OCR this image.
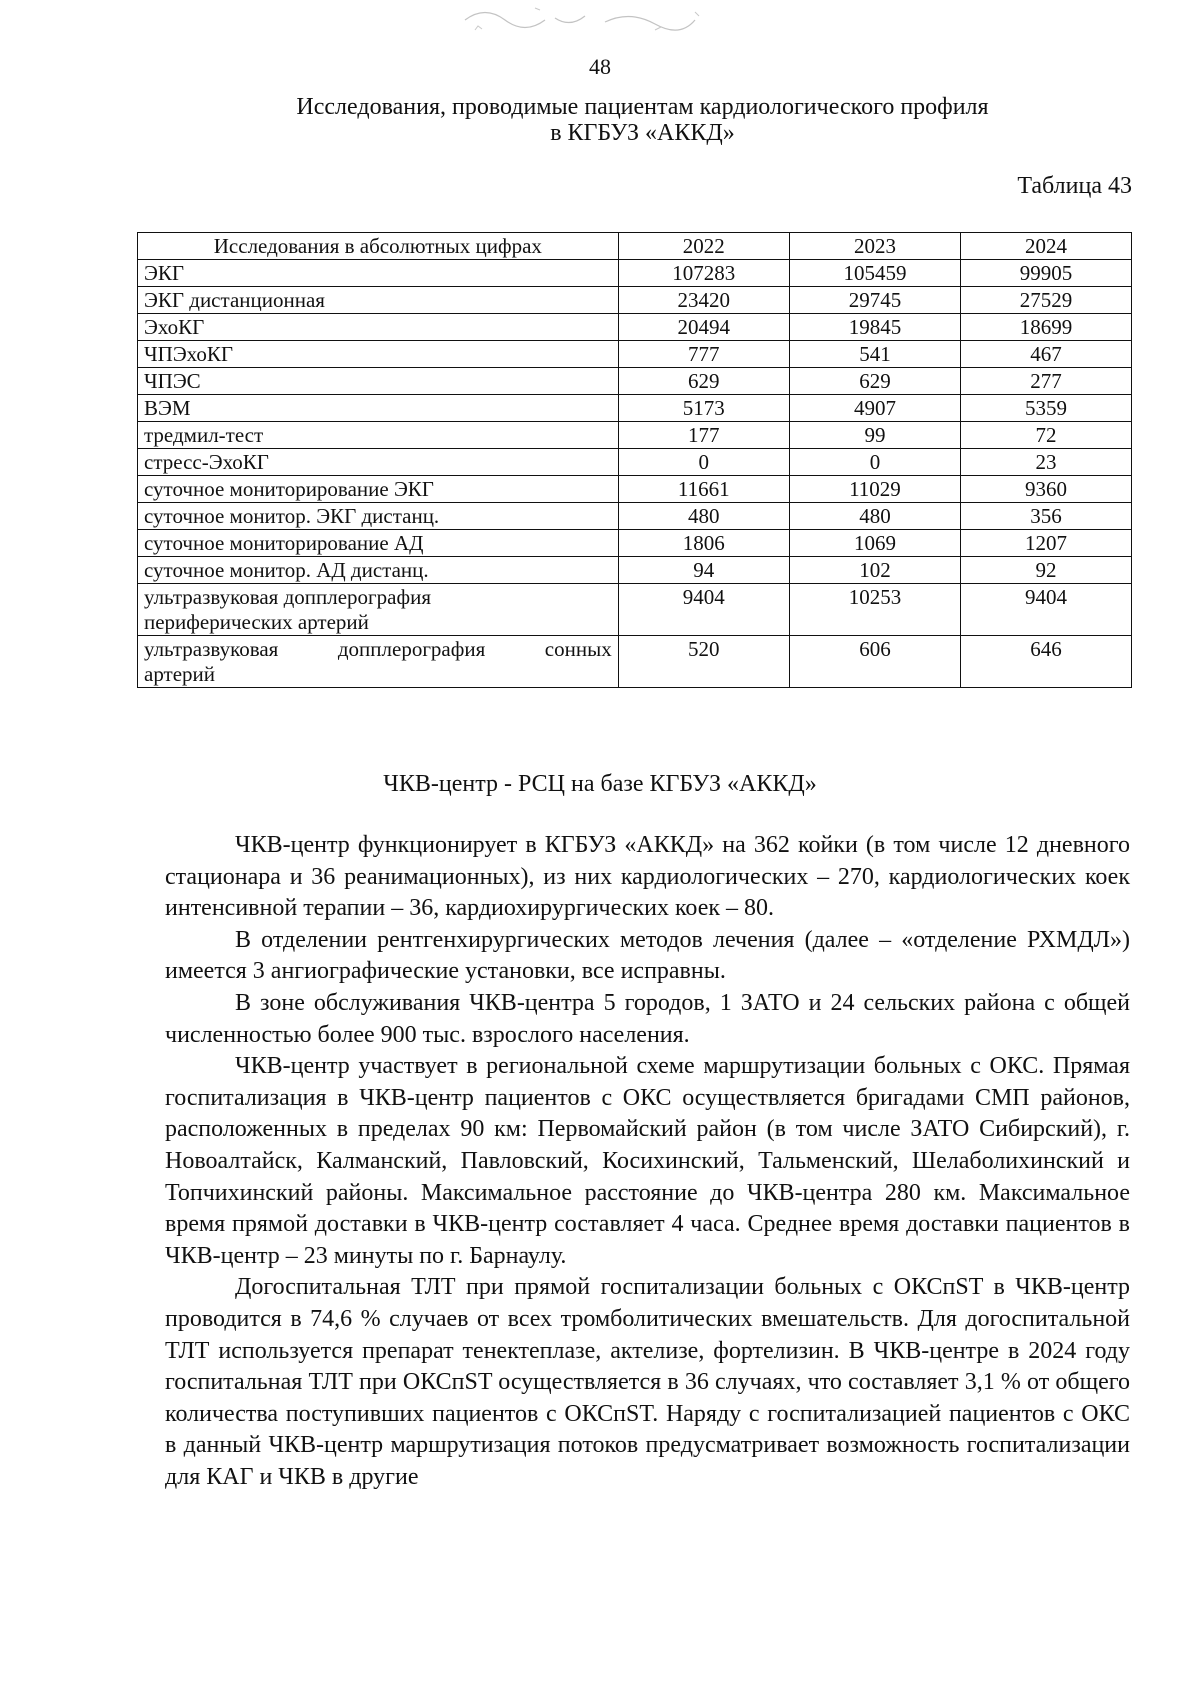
48
Исследования, проводимые пациентам кардиологического профиля
в КГБУЗ «АККД»
Таблица 43
Исследования в абсолютных цифрах	2022	2023	2024
ЭКГ	107283	105459	99905
ЭКГ дистанционная	23420	29745	27529
ЭхоКГ	20494	19845	18699
ЧПЭхоКГ	777	541	467
ЧПЭС	629	629	277
ВЭМ	5173	4907	5359
тредмил-тест	177	99	72
стресс-ЭхоКГ	0	0	23
суточное мониторирование ЭКГ	11661	11029	9360
суточное монитор. ЭКГ дистанц.	480	480	356
суточное мониторирование АД	1806	1069	1207
суточное монитор. АД дистанц.	94	102	92

ультразвуковая допплерография
периферических артерий	9404	10253	9404

ультразвуковая допплерография сонных
артерий	520	606	646
ЧКВ-центр - РСЦ на базе КГБУЗ «АККД»

ЧКВ-центр функционирует в КГБУЗ «АККД» на 362 койки (в том числе 12 дневного стационара и 36 реанимационных), из них кардиологических – 270, кардиологических коек интенсивной терапии – 36, кардиохирургических коек – 80.

В отделении рентгенхирургических методов лечения (далее – «отделение РХМДЛ») имеется 3 ангиографические установки, все исправны.

В зоне обслуживания ЧКВ-центра 5 городов, 1 ЗАТО и 24 сельских района с общей численностью более 900 тыс. взрослого населения.

ЧКВ-центр участвует в региональной схеме маршрутизации больных с ОКС. Прямая госпитализация в ЧКВ-центр пациентов с ОКС осуществляется бригадами СМП районов, расположенных в пределах 90 км: Первомайский район (в том числе ЗАТО Сибирский), г. Новоалтайск, Калманский, Павловский, Косихинский, Тальменский, Шелаболихинский и Топчихинский районы. Максимальное расстояние до ЧКВ-центра 280 км. Максимальное время прямой доставки в ЧКВ-центр составляет 4 часа. Среднее время доставки пациентов в ЧКВ-центр – 23 минуты по г. Барнаулу.

Догоспитальная ТЛТ при прямой госпитализации больных с ОКСпST в ЧКВ-центр проводится в 74,6 % случаев от всех тромболитических вмешательств. Для догоспитальной ТЛТ используется препарат тенектеплазе, актелизе, фортелизин. В ЧКВ-центре в 2024 году госпитальная ТЛТ при ОКСпST осуществляется в 36 случаях, что составляет 3,1 % от общего количества поступивших пациентов с ОКСпST. Наряду с госпитализацией пациентов с ОКС в данный ЧКВ-центр маршрутизация потоков предусматривает возможность госпитализации для КАГ и ЧКВ в другие
